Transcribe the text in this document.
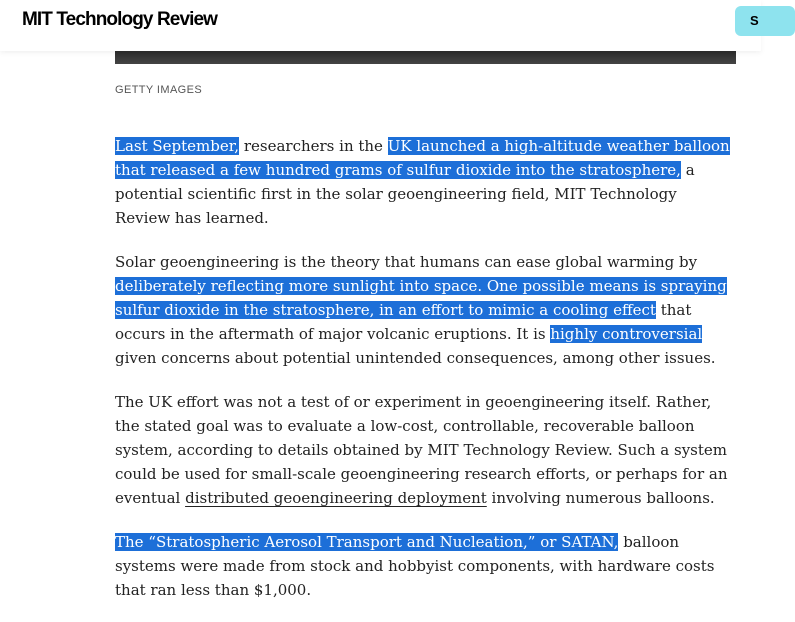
MIT Technology Review	S
GETTY IMAGES

Last September, researchers in the UK launched a high-altitude weather balloon that released a few hundred grams of sulfur dioxide into the stratosphere, a potential scientific first in the solar geoengineering field, MIT Technology Review has learned.

Solar geoengineering is the theory that humans can ease global warming by deliberately reflecting more sunlight into space. One possible means is spraying sulfur dioxide in the stratosphere, in an effort to mimic a cooling effect that occurs in the aftermath of major volcanic eruptions. It is highly controversial given concerns about potential unintended consequences, among other issues.

The UK effort was not a test of or experiment in geoengineering itself. Rather, the stated goal was to evaluate a low-cost, controllable, recoverable balloon system, according to details obtained by MIT Technology Review. Such a system could be used for small-scale geoengineering research efforts, or perhaps for an eventual distributed geoengineering deployment involving numerous balloons.

The “Stratospheric Aerosol Transport and Nucleation,” or SATAN, balloon systems were made from stock and hobbyist components, with hardware costs that ran less than $1,000.
